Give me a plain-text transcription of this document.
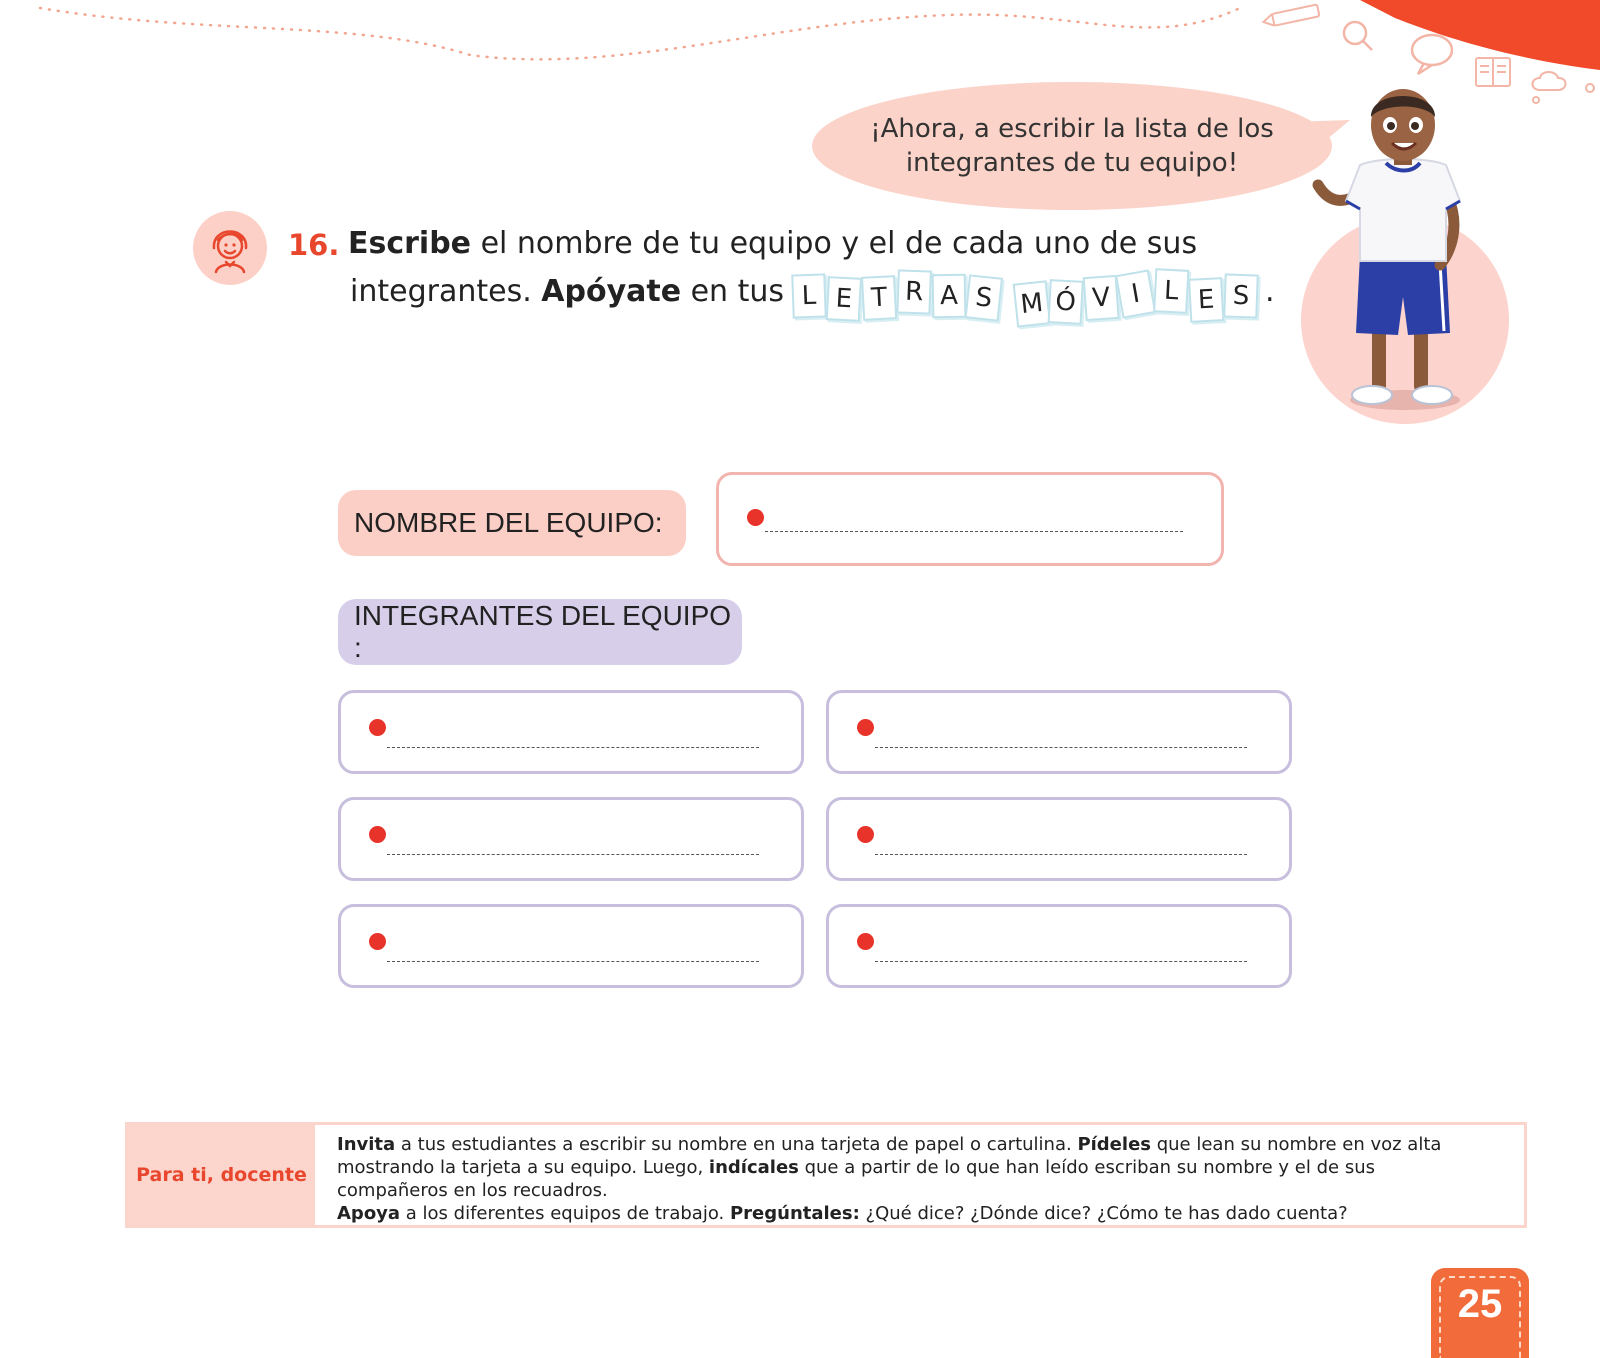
¡Ahora, a escribir la lista de los
integrantes de tu equipo!
16. Escribe el nombre de tu equipo y el de cada uno de sus
integrantes. Apóyate en tus L E T R A S M Ó V I L E S .
NOMBRE DEL EQUIPO:
INTEGRANTES DEL EQUIPO :
Para ti, docente
Invita a tus estudiantes a escribir su nombre en una tarjeta de papel o cartulina. Pídeles que lean su nombre en voz alta mostrando la tarjeta a su equipo. Luego, indícales que a partir de lo que han leído escriban su nombre y el de sus compañeros en los recuadros.
Apoya a los diferentes equipos de trabajo. Pregúntales: ¿Qué dice? ¿Dónde dice? ¿Cómo te has dado cuenta?
25
